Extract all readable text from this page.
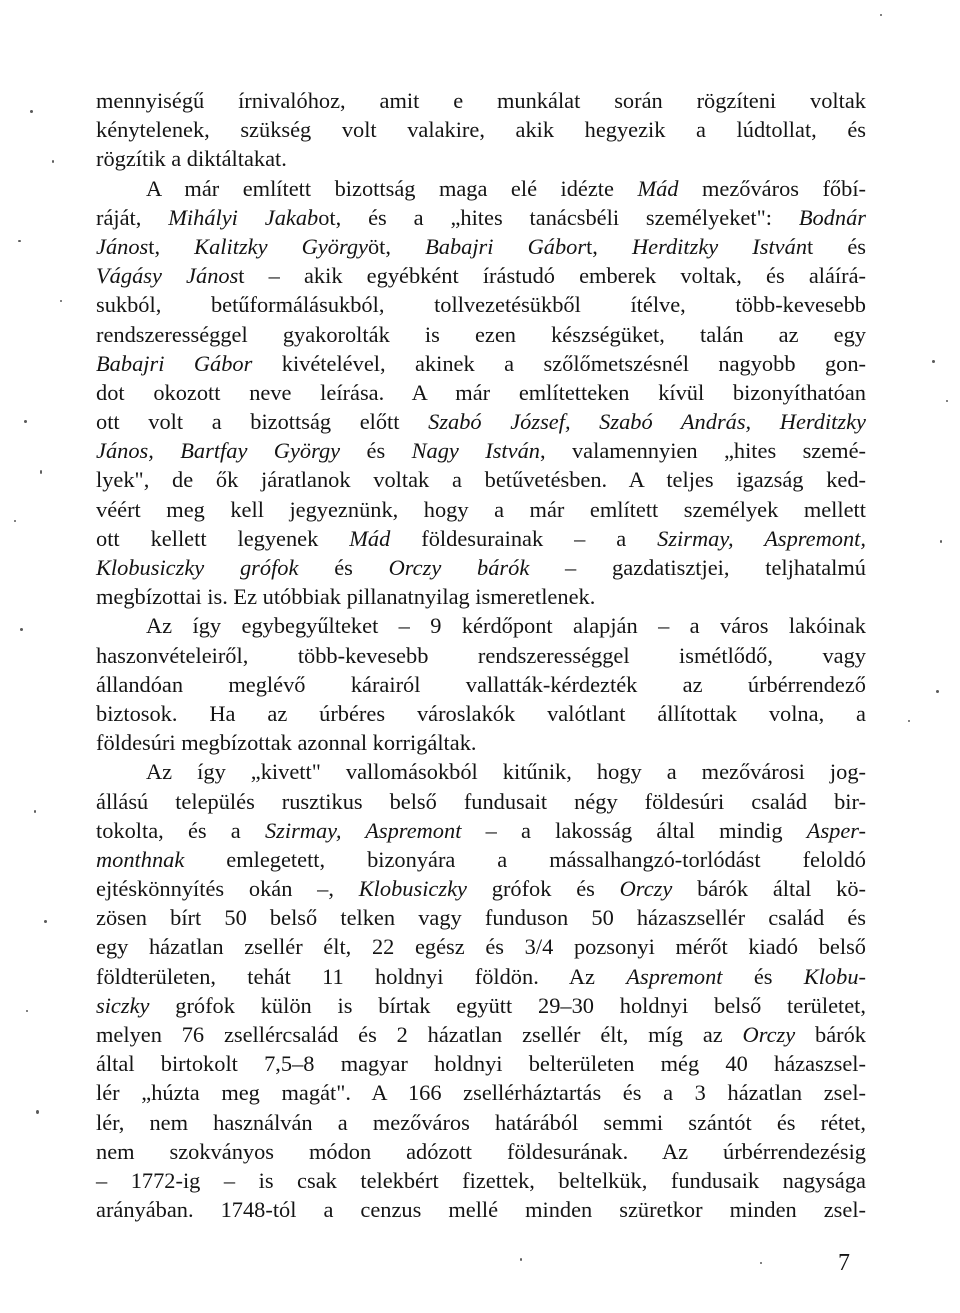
mennyiségű írnivalóhoz, amit e munkálat során rögzíteni voltak
kénytelenek, szükség volt valakire, akik hegyezik a lúdtollat, és
rögzítik a diktáltakat.
A már említett bizottság maga elé idézte Mád mezőváros főbí-
ráját, Mihályi Jakabot, és a „hites tanácsbéli személyeket": Bodnár
Jánost, Kalitzky Györgyöt, Babajri Gábort, Herditzky Istvánt és
Vágásy Jánost – akik egyébként írástudó emberek voltak, és aláírá-
sukból, betűformálásukból, tollvezetésükből ítélve, több-kevesebb
rendszerességgel gyakorolták is ezen készségüket, talán az egy
Babajri Gábor kivételével, akinek a szőlőmetszésnél nagyobb gon-
dot okozott neve leírása. A már említetteken kívül bizonyíthatóan
ott volt a bizottság előtt Szabó József, Szabó András, Herditzky
János, Bartfay György és Nagy István, valamennyien „hites szemé-
lyek", de ők járatlanok voltak a betűvetésben. A teljes igazság ked-
véért meg kell jegyeznünk, hogy a már említett személyek mellett
ott kellett legyenek Mád földesurainak – a Szirmay, Aspremont,
Klobusiczky grófok és Orczy bárók – gazdatisztjei, teljhatalmú
megbízottai is. Ez utóbbiak pillanatnyilag ismeretlenek.
Az így egybegyűlteket – 9 kérdőpont alapján – a város lakóinak
haszonvételeiről, több-kevesebb rendszerességgel ismétlődő, vagy
állandóan meglévő kárairól vallatták-kérdezték az úrbérrendező
biztosok. Ha az úrbéres városlakók valótlant állítottak volna, a
földesúri megbízottak azonnal korrigáltak.
Az így „kivett" vallomásokból kitűnik, hogy a mezővárosi jog-
állású település rusztikus belső fundusait négy földesúri család bir-
tokolta, és a Szirmay, Aspremont – a lakosság által mindig Asper-
monthnak emlegetett, bizonyára a mássalhangzó-torlódást feloldó
ejtéskönnyítés okán –, Klobusiczky grófok és Orczy bárók által kö-
zösen bírt 50 belső telken vagy funduson 50 házaszsellér család és
egy házatlan zsellér élt, 22 egész és 3/4 pozsonyi mérőt kiadó belső
földterületen, tehát 11 holdnyi földön. Az Aspremont és Klobu-
siczky grófok külön is bírtak együtt 29–30 holdnyi belső területet,
melyen 76 zsellércsalád és 2 házatlan zsellér élt, míg az Orczy bárók
által birtokolt 7,5–8 magyar holdnyi belterületen még 40 házaszsel-
lér „húzta meg magát". A 166 zsellérháztartás és a 3 házatlan zsel-
lér, nem használván a mezőváros határából semmi szántót és rétet,
nem szokványos módon adózott földesurának. Az úrbérrendezésig
– 1772-ig – is csak telekbért fizettek, beltelkük, fundusaik nagysága
arányában. 1748-tól a cenzus mellé minden szüretkor minden zsel-
7
